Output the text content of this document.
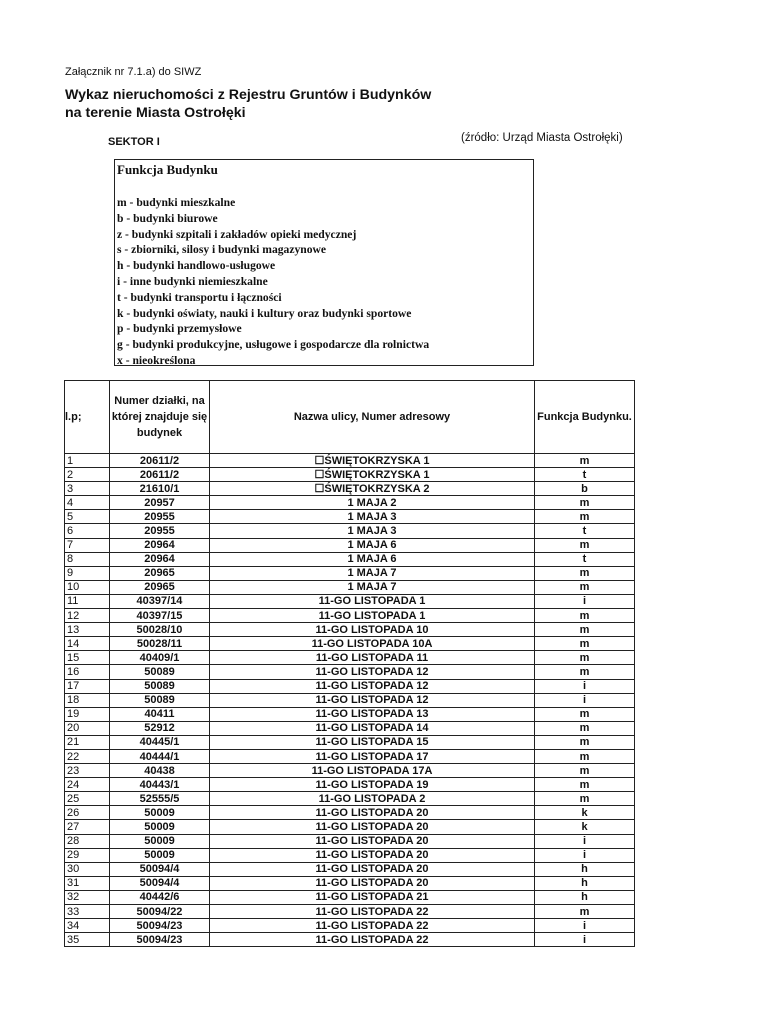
Załącznik nr 7.1.a) do SIWZ
Wykaz nieruchomości z Rejestru Gruntów i Budynków
na terenie Miasta Ostrołęki
SEKTOR I	(źródło: Urząd Miasta Ostrołęki)
Funkcja Budynku
m - budynki mieszkalne
b - budynki biurowe
z - budynki szpitali i zakładów opieki medycznej
s - zbiorniki, silosy i budynki magazynowe
h - budynki handlowo-usługowe
i - inne budynki niemieszkalne
t - budynki transportu i łączności
k - budynki oświaty, nauki i kultury oraz budynki sportowe
p - budynki przemysłowe
g - budynki produkcyjne, usługowe i gospodarcze dla rolnictwa
x - nieokreślona
l.p;	Numer działki, na której znajduje się budynek	Nazwa ulicy, Numer adresowy	Funkcja Budynku.
1	20611/2	☐ŚWIĘTOKRZYSKA 1	m
2	20611/2	☐ŚWIĘTOKRZYSKA 1	t
3	21610/1	☐ŚWIĘTOKRZYSKA 2	b
4	20957	1 MAJA 2	m
5	20955	1 MAJA 3	m
6	20955	1 MAJA 3	t
7	20964	1 MAJA 6	m
8	20964	1 MAJA 6	t
9	20965	1 MAJA 7	m
10	20965	1 MAJA 7	m
11	40397/14	11-GO LISTOPADA 1	i
12	40397/15	11-GO LISTOPADA 1	m
13	50028/10	11-GO LISTOPADA 10	m
14	50028/11	11-GO LISTOPADA 10A	m
15	40409/1	11-GO LISTOPADA 11	m
16	50089	11-GO LISTOPADA 12	m
17	50089	11-GO LISTOPADA 12	i
18	50089	11-GO LISTOPADA 12	i
19	40411	11-GO LISTOPADA 13	m
20	52912	11-GO LISTOPADA 14	m
21	40445/1	11-GO LISTOPADA 15	m
22	40444/1	11-GO LISTOPADA 17	m
23	40438	11-GO LISTOPADA 17A	m
24	40443/1	11-GO LISTOPADA 19	m
25	52555/5	11-GO LISTOPADA 2	m
26	50009	11-GO LISTOPADA 20	k
27	50009	11-GO LISTOPADA 20	k
28	50009	11-GO LISTOPADA 20	i
29	50009	11-GO LISTOPADA 20	i
30	50094/4	11-GO LISTOPADA 20	h
31	50094/4	11-GO LISTOPADA 20	h
32	40442/6	11-GO LISTOPADA 21	h
33	50094/22	11-GO LISTOPADA 22	m
34	50094/23	11-GO LISTOPADA 22	i
35	50094/23	11-GO LISTOPADA 22	i
